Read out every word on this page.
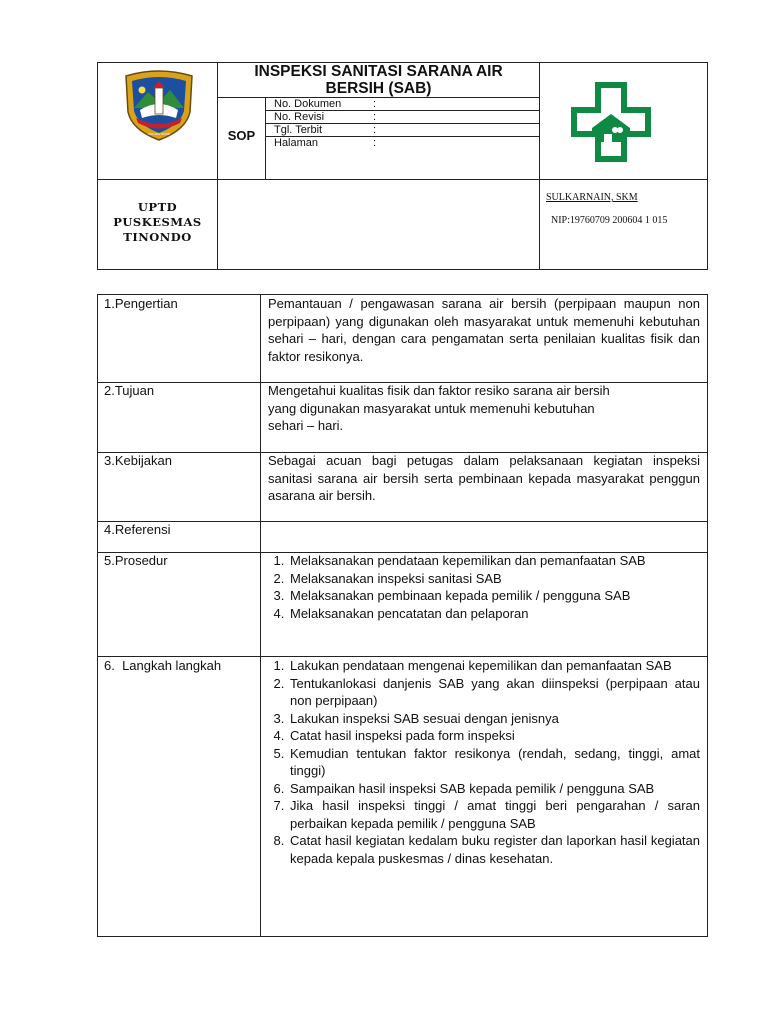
KOLAKA TIMUR
INSPEKSI SANITASI SARANA AIR
BERSIH (SAB)
SOP
No. Dokumen	:
No. Revisi	:
Tgl. Terbit	:
Halaman	:
UPTD
PUSKESMAS
TINONDO
SULKARNAIN, SKM
NIP:19760709 200604 1 015
1.Pengertian	Pemantauan / pengawasan sarana air bersih (perpipaan maupun non perpipaan) yang digunakan oleh masyarakat untuk memenuhi kebutuhan sehari – hari, dengan cara pengamatan serta penilaian kualitas fisik dan faktor resikonya.
2.Tujuan	Mengetahui kualitas fisik dan faktor resiko sarana air bersih
yang digunakan masyarakat untuk memenuhi kebutuhan
sehari – hari.
3.Kebijakan	Sebagai acuan bagi petugas dalam pelaksanaan kegiatan inspeksi sanitasi sarana air bersih serta pembinaan kepada masyarakat penggun asarana air bersih.
4.Referensi
5.Prosedur	1. Melaksanakan pendataan kepemilikan dan pemanfaatan SAB
2. Melaksanakan inspeksi sanitasi SAB
3. Melaksanakan pembinaan kepada pemilik / pengguna SAB
4. Melaksanakan pencatatan dan pelaporan
6.  Langkah langkah	1. Lakukan pendataan mengenai kepemilikan dan pemanfaatan SAB
2. Tentukanlokasi danjenis SAB yang akan diinspeksi (perpipaan atau non perpipaan)
3. Lakukan inspeksi SAB sesuai dengan jenisnya
4. Catat hasil inspeksi pada form inspeksi
5. Kemudian tentukan faktor resikonya (rendah, sedang, tinggi, amat tinggi)
6. Sampaikan hasil inspeksi SAB kepada pemilik / pengguna SAB
7. Jika hasil inspeksi tinggi / amat tinggi beri pengarahan / saran perbaikan kepada pemilik / pengguna SAB
8. Catat hasil kegiatan kedalam buku register dan laporkan hasil kegiatan kepada kepala puskesmas / dinas kesehatan.
